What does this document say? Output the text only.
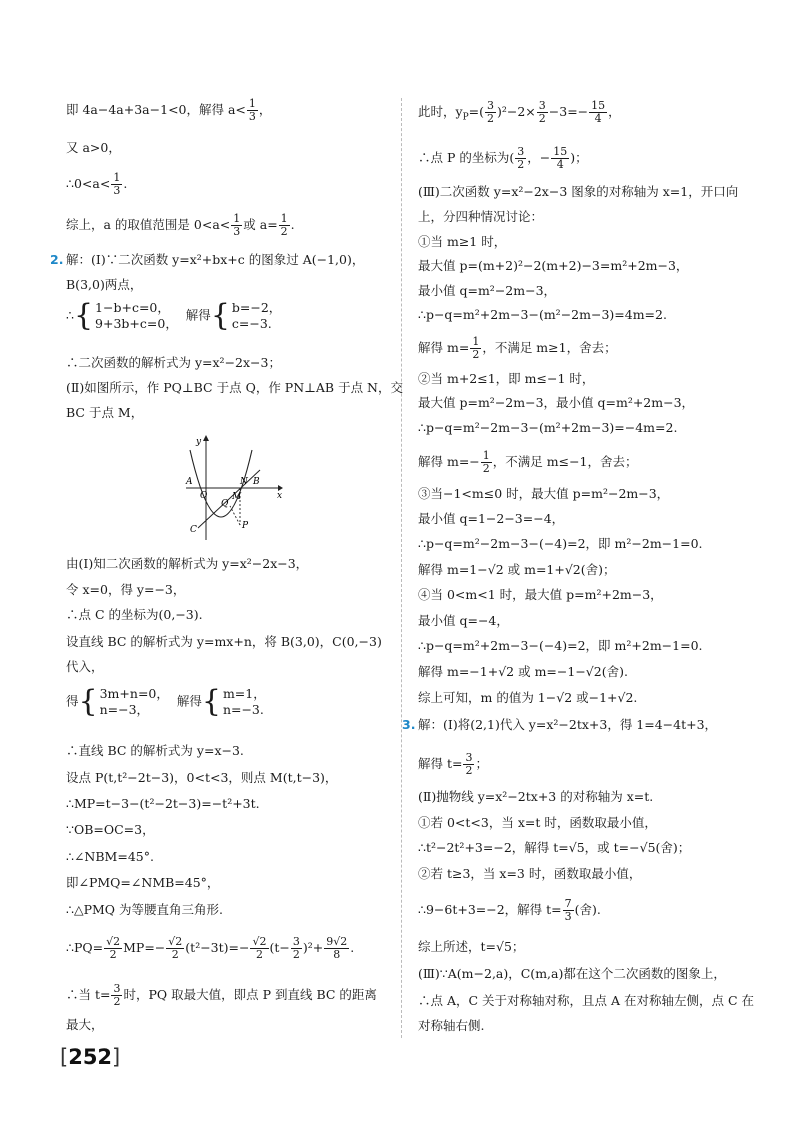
即 4a−4a+3a−1<0，解得 $a< \frac{1}{3}$ ，
又 a>0，
∴0<a< $\frac{1}{3}$ .
综上，a 的取值范围是 $0<a< \frac{1}{3}$ 或 $a= \frac{1}{2}$ .
2. 解：(Ⅰ)∵二次函数 y=x²+bx+c 的图象过 A(−1,0)，
B(3,0)两点，
∴{ 1−b+c=0，
9+3b+c=0，
解得{ b=−2，
c=−3.
∴二次函数的解析式为 y=x²−2x−3；
(Ⅱ)如图所示，作 PQ⊥BC 于点 Q，作 PN⊥AB 于点 N，交
BC 于点 M，
由(Ⅰ)知二次函数的解析式为 y=x²−2x−3，
令 x=0，得 y=−3，
∴点 C 的坐标为(0,−3).
设直线 BC 的解析式为 y=mx+n，将 B(3,0)，C(0,−3)
代入，
得{ 3m+n=0，
n=−3，
解得{ m=1，
n=−3.
∴直线 BC 的解析式为 y=x−3.
设点 P(t,t²−2t−3)，0<t<3，则点 M(t,t−3)，
∴MP=t−3−(t²−2t−3)=−t²+3t.
∵OB=OC=3，
∴∠NBM=45°.
即∠PMQ=∠NMB=45°，
∴△PMQ 为等腰直角三角形.
∴PQ= $\frac{√2}{2} MP=- \frac{√2}{2} (t^2-3t)=- \frac{√2}{2} (t- \frac{3}{2} )^2+ \frac{9√2}{8}$ .
∴当 $t= \frac{3}{2}$ 时，PQ 取最大值，即点 P 到直线 BC 的距离
最大，
A
O
B
N
M
Q
C	P
y
x
此时，$y_P=( \frac{3}{2} )^2-2\times \frac{3}{2} -3=- \frac{15}{4}$ ，
∴点 P 的坐标为( $\frac{3}{2}$ ，− $\frac{15}{4}$ )；
(Ⅲ)二次函数 y=x²−2x−3 图象的对称轴为 x=1，开口向
上，分四种情况讨论：
①当 m≥1 时，
最大值 p=(m+2)²−2(m+2)−3=m²+2m−3，
最小值 q=m²−2m−3，
∴p−q=m²+2m−3−(m²−2m−3)=4m=2.
解得 $m= \frac{1}{2}$ ，不满足 m≥1，舍去；
②当 m+2≤1，即 m≤−1 时，
最大值 p=m²−2m−3，最小值 q=m²+2m−3，
∴p−q=m²−2m−3−(m²+2m−3)=−4m=2.
解得 $m=- \frac{1}{2}$ ，不满足 m≤−1，舍去；
③当−1<m≤0 时，最大值 p=m²−2m−3，
最小值 q=1−2−3=−4，
∴p−q=m²−2m−3−(−4)=2，即 m²−2m−1=0.
解得 m=1−√2 或 m=1+√2(舍)；
④当 0<m<1 时，最大值 p=m²+2m−3，
最小值 q=−4，
∴p−q=m²+2m−3−(−4)=2，即 m²+2m−1=0.
解得 m=−1+√2 或 m=−1−√2(舍).
综上可知，m 的值为 1−√2 或−1+√2.
3. 解：(Ⅰ)将(2,1)代入 y=x²−2tx+3，得 1=4−4t+3，
解得 $t= \frac{3}{2}$ ；
(Ⅱ)抛物线 y=x²−2tx+3 的对称轴为 x=t.
①若 0<t<3，当 x=t 时，函数取最小值，
∴t²−2t²+3=−2，解得 t=√5，或 t=−√5(舍)；
②若 t≥3，当 x=3 时，函数取最小值，
∴9−6t+3=−2，解得 $t= \frac{7}{3}$ (舍).
综上所述，t=√5；
(Ⅲ)∵A(m−2,a)，C(m,a)都在这个二次函数的图象上，
∴点 A，C 关于对称轴对称，且点 A 在对称轴左侧，点 C 在
对称轴右侧.
[252]
